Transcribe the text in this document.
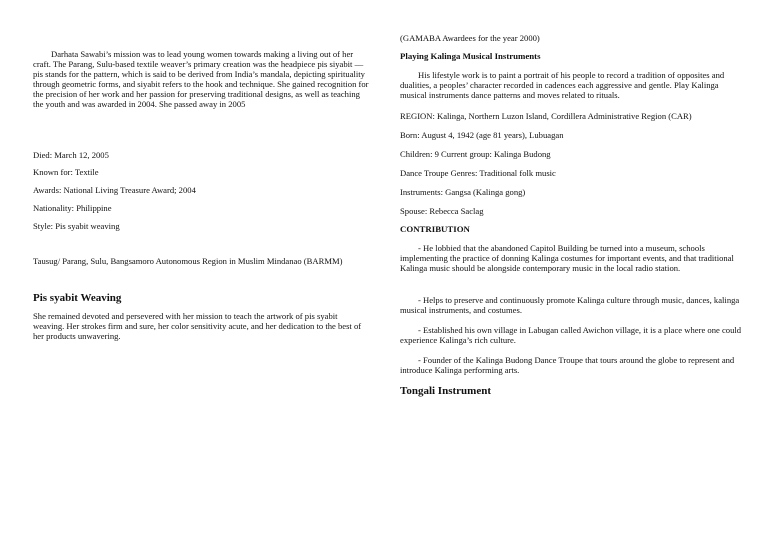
Darhata Sawabi’s mission was to lead young women towards making a living out of her craft. The Parang, Sulu-based textile weaver’s primary creation was the headpiece pis siyabit — pis stands for the pattern, which is said to be derived from India’s mandala, depicting spirituality through geometric forms, and siyabit refers to the hook and technique. She gained recognition for the precision of her work and her passion for preserving traditional designs, as well as teaching the youth and was awarded in 2004. She passed away in 2005

Died: March 12, 2005

Known for: Textile

Awards: National Living Treasure Award; 2004

Nationality: Philippine

Style: Pis syabit weaving

Tausug/ Parang, Sulu, Bangsamoro Autonomous Region in Muslim Mindanao (BARMM)

Pis syabit Weaving

She remained devoted and persevered with her mission to teach the artwork of pis syabit weaving. Her strokes firm and sure, her color sensitivity acute, and her dedication to the best of her products unwavering.

(GAMABA Awardees for the year 2000)

Playing Kalinga Musical Instruments

His lifestyle work is to paint a portrait of his people to record a tradition of opposites and dualities, a peoples’ character recorded in cadences each aggressive and gentle. Play Kalinga musical instruments dance patterns and moves related to rituals.

REGION: Kalinga, Northern Luzon Island, Cordillera Administrative Region (CAR)

Born: August 4, 1942 (age 81 years), Lubuagan

Children: 9 Current group: Kalinga Budong

Dance Troupe Genres: Traditional folk music

Instruments: Gangsa (Kalinga gong)

Spouse: Rebecca Saclag

CONTRIBUTION

- He lobbied that the abandoned Capitol Building be turned into a museum, schools implementing the practice of donning Kalinga costumes for important events, and that traditional Kalinga music should be alongside contemporary music in the local radio station.

- Helps to preserve and continuously promote Kalinga culture through music, dances, kalinga musical instruments, and costumes.

- Established his own village in Labugan called Awichon village, it is a place where one could experience Kalinga’s rich culture.

- Founder of the Kalinga Budong Dance Troupe that tours around the globe to represent and introduce Kalinga performing arts.

Tongali Instrument
